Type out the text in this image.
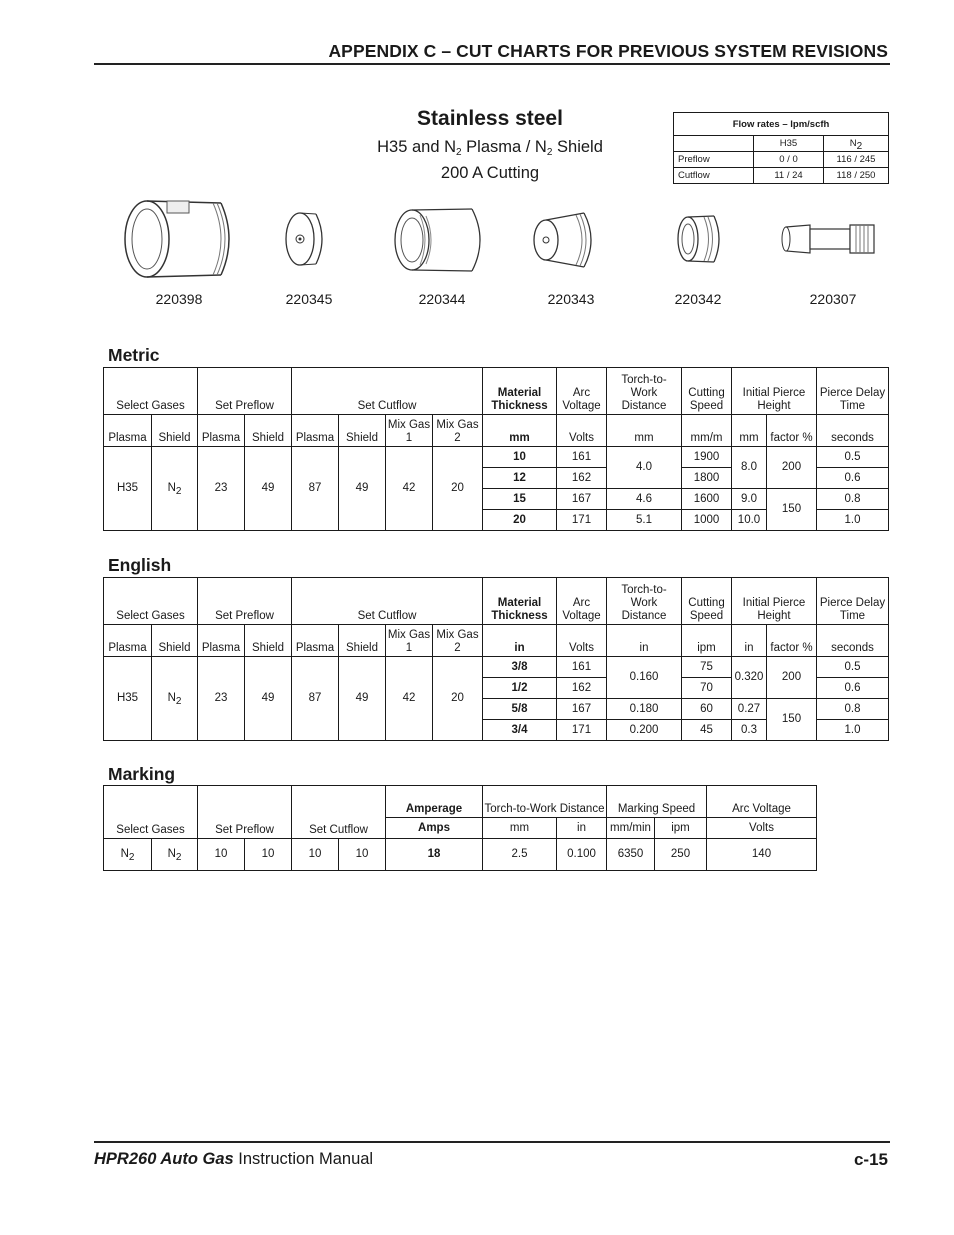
APPENDIX C – CUT CHARTS FOR PREVIOUS SYSTEM REVISIONS
Stainless steel
H35 and $N_2$ Plasma / $N_2$ Shield
200 A Cutting
Flow rates – lpm/scfh		
	H35	$N_2$
Preflow	0 / 0	116 / 245
Cutflow	11 / 24	118 / 250
220398	220345	220344	220343	220342	220307
Metric
Select Gases		Set Preflow		Set Cutflow				Material Thickness	Arc Voltage	Torch-to- Work Distance	Cutting Speed	Initial Pierce Height		Pierce Delay Time
Plasma	Shield	Plasma	Shield	Plasma	Shield	Mix Gas 1	Mix Gas 2	mm	Volts	mm	mm/m	mm	factor %	seconds
H35	$N_2$	23	49	87	49	42	20	10	161	4.0	1900	8.0	200	0.5
								12	162		1800			0.6
								15	167	4.6	1600	9.0	150	0.8
								20	171	5.1	1000	10.0		1.0
English
Select Gases		Set Preflow		Set Cutflow				Material Thickness	Arc Voltage	Torch-to- Work Distance	Cutting Speed	Initial Pierce Height		Pierce Delay Time
Plasma	Shield	Plasma	Shield	Plasma	Shield	Mix Gas 1	Mix Gas 2	in	Volts	in	ipm	in	factor %	seconds
H35	$N_2$	23	49	87	49	42	20	3/8	161	0.160	75	0.320	200	0.5
								1/2	162		70			0.6
								5/8	167	0.180	60	0.27	150	0.8
								3/4	171	0.200	45	0.3		1.0
Marking
Select Gases		Set Preflow		Set Cutflow		Amperage	Torch-to-Work Distance		Marking Speed		Arc Voltage
						Amps	mm	in	mm/min	ipm	Volts
$N_2$	$N_2$	10	10	10	10	18	2.5	0.100	6350	250	140
HPR260 Auto Gas Instruction Manual	c-15
